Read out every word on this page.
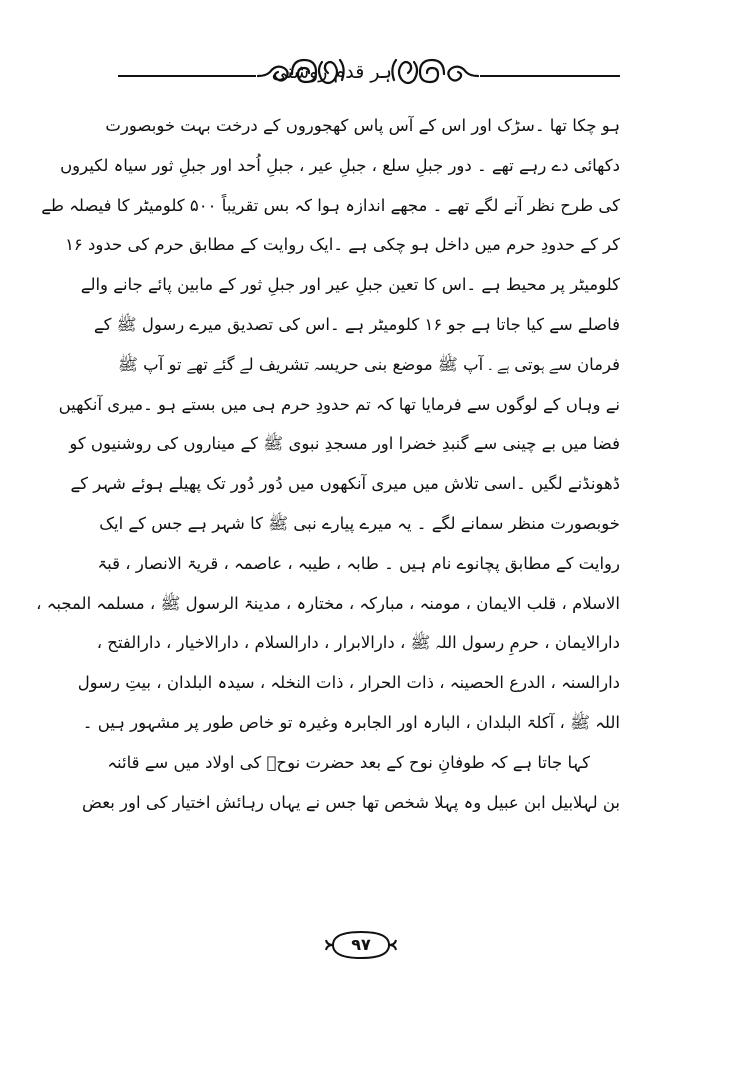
ہر قدم روشنی
ہو چکا تھا ۔سڑک اور اس کے آس پاس کھجوروں کے درخت بہت خوبصورت
دکھائی دے رہے تھے ۔ دور جبلِ سلع ، جبلِ عیر ، جبلِ اُحد اور جبلِ ثور سیاہ لکیروں
کی طرح نظر آنے لگے تھے ۔ مجھے اندازہ ہوا کہ بس تقریباً ۵۰۰ کلومیٹر کا فیصلہ طے
کر کے حدودِ حرم میں داخل ہو چکی ہے ۔ایک روایت کے مطابق حرم کی حدود ۱۶
کلومیٹر پر محیط ہے ۔اس کا تعین جبلِ عیر اور جبلِ ثور کے مابین پائے جانے والے
فاصلے سے کیا جاتا ہے جو ۱۶ کلومیٹر ہے ۔اس کی تصدیق میرے رسول ﷺ کے
فرمان سے ہوتی ہے ۔ آپ ﷺ موضع بنی حریسہ تشریف لے گئے تھے تو آپ ﷺ
نے وہاں کے لوگوں سے فرمایا تھا کہ تم حدودِ حرم ہی میں بستے ہو ۔میری آنکھیں
فضا میں بے چینی سے گنبدِ خضرا اور مسجدِ نبوی ﷺ کے میناروں کی روشنیوں کو
ڈھونڈنے لگیں ۔اسی تلاش میں میری آنکھوں میں دُور دُور تک پھیلے ہوئے شہر کے
خوبصورت منظر سمانے لگے ۔ یہ میرے پیارے نبی ﷺ کا شہر ہے جس کے ایک
روایت کے مطابق پچانوے نام ہیں ۔ طابہ ، طیبہ ، عاصمہ ، قریۃ الانصار ، قبۃ
الاسلام ، قلب الایمان ، مومنہ ، مبارکہ ، مختارہ ، مدینۃ الرسول ﷺ ، مسلمہ المجبہ ،
دارالایمان ، حرمِ رسول اللہ ﷺ ، دارالابرار ، دارالسلام ، دارالاخیار ، دارالفتح ،
دارالسنہ ، الدرع الحصینہ ، ذات الحرار ، ذات النخلہ ، سیدہ البلدان ، بیتِ رسول
اللہ ﷺ ، آکلۃ البلدان ، البارہ اور الجابرہ وغیرہ تو خاص طور پر مشہور ہیں ۔
کہا جاتا ہے کہ طوفانِ نوح کے بعد حضرت نوحؑ کی اولاد میں سے قائنہ
بن لہلابیل ابن عبیل وہ پہلا شخص تھا جس نے یہاں رہائش اختیار کی اور بعض
۹۷
